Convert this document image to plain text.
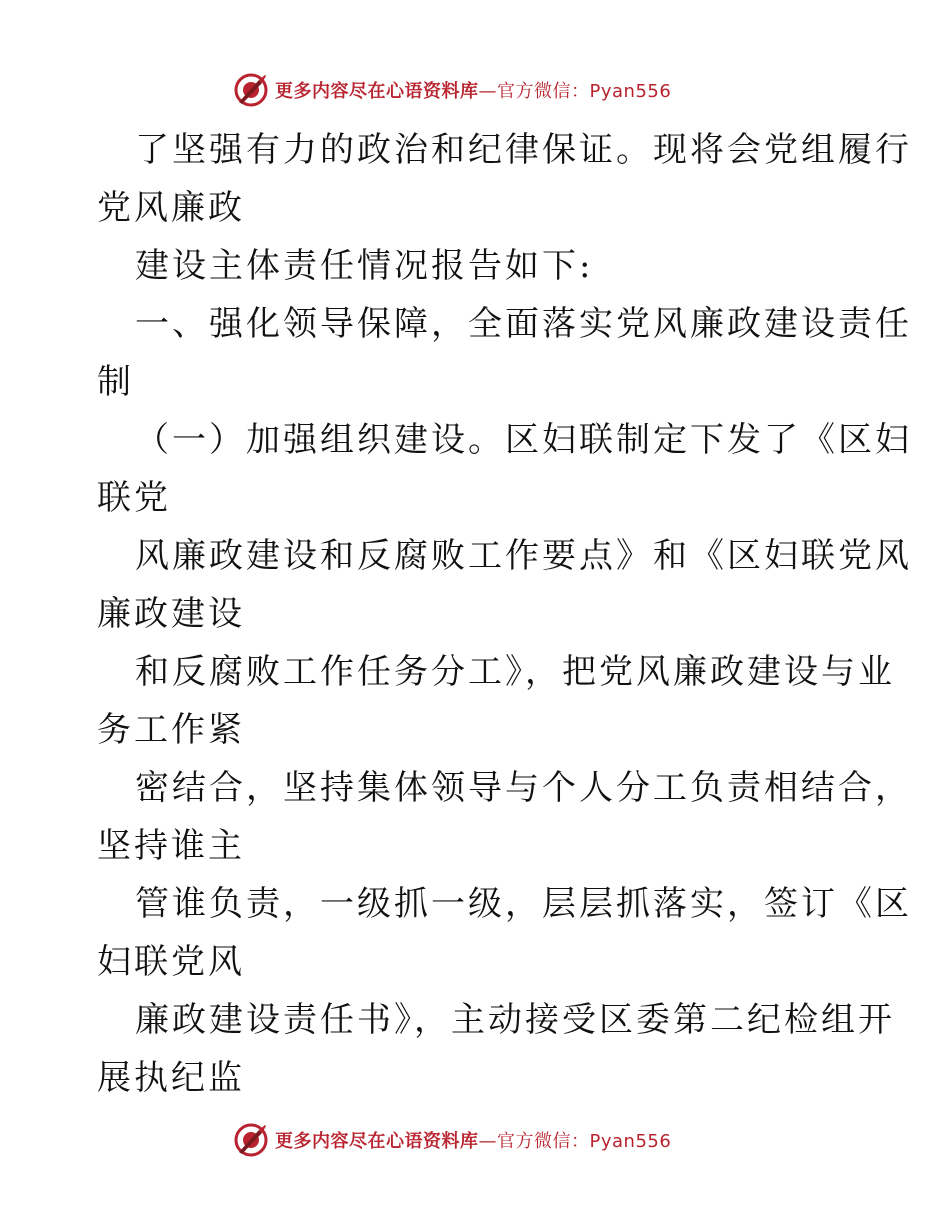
更多内容尽在心语资料库—官方微信：Pyan556
了坚强有力的政治和纪律保证。现将会党组履行
党风廉政
建设主体责任情况报告如下:
一、强化领导保障，全面落实党风廉政建设责任
制
（一）加强组织建设。区妇联制定下发了《区妇
联党
风廉政建设和反腐败工作要点》和《区妇联党风
廉政建设
和反腐败工作任务分工》，把党风廉政建设与业
务工作紧
密结合，坚持集体领导与个人分工负责相结合，
坚持谁主
管谁负责，一级抓一级，层层抓落实，签订《区
妇联党风
廉政建设责任书》，主动接受区委第二纪检组开
展执纪监
更多内容尽在心语资料库—官方微信：Pyan556
